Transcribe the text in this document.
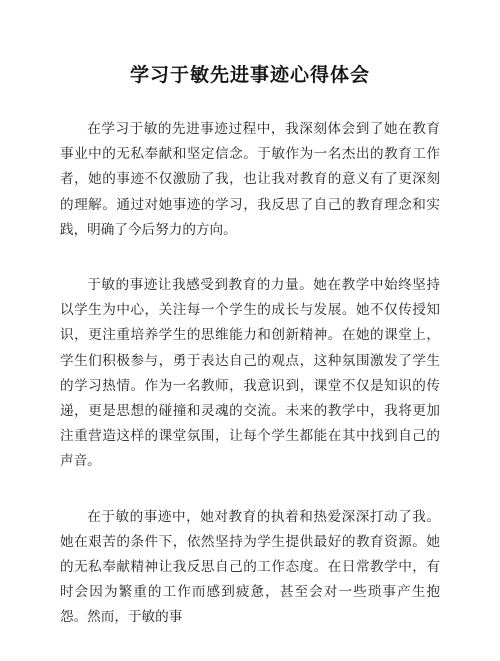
学习于敏先进事迹心得体会

在学习于敏的先进事迹过程中，我深刻体会到了她在教育事业中的无私奉献和坚定信念。于敏作为一名杰出的教育工作者，她的事迹不仅激励了我，也让我对教育的意义有了更深刻的理解。通过对她事迹的学习，我反思了自己的教育理念和实践，明确了今后努力的方向。

于敏的事迹让我感受到教育的力量。她在教学中始终坚持以学生为中心，关注每一个学生的成长与发展。她不仅传授知识，更注重培养学生的思维能力和创新精神。在她的课堂上，学生们积极参与，勇于表达自己的观点，这种氛围激发了学生的学习热情。作为一名教师，我意识到，课堂不仅是知识的传递，更是思想的碰撞和灵魂的交流。未来的教学中，我将更加注重营造这样的课堂氛围，让每个学生都能在其中找到自己的声音。

在于敏的事迹中，她对教育的执着和热爱深深打动了我。她在艰苦的条件下，依然坚持为学生提供最好的教育资源。她的无私奉献精神让我反思自己的工作态度。在日常教学中，有时会因为繁重的工作而感到疲惫，甚至会对一些琐事产生抱怨。然而，于敏的事
